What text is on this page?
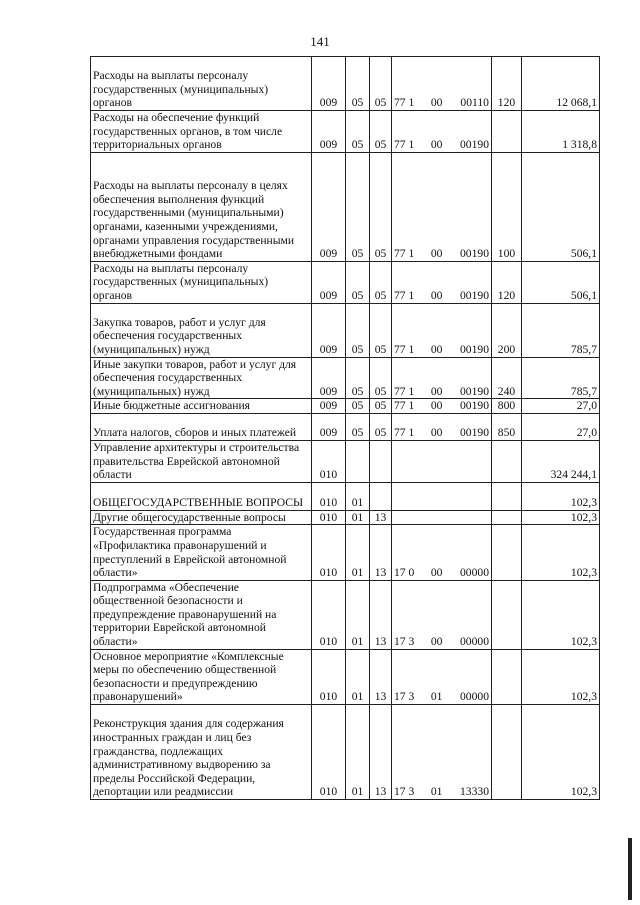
141
Расходы на выплаты персоналу государственных (муниципальных) органов	009	05	05	77 1 00 00110	120	12 068,1
Расходы на обеспечение функций государственных органов, в том числе территориальных органов	009	05	05	77 1 00 00190		1 318,8
Расходы на выплаты персоналу в целях обеспечения выполнения функций государственными (муниципальными) органами, казенными учреждениями, органами управления государственными внебюджетными фондами	009	05	05	77 1 00 00190	100	506,1
Расходы на выплаты персоналу государственных (муниципальных) органов	009	05	05	77 1 00 00190	120	506,1
Закупка товаров, работ и услуг для обеспечения государственных (муниципальных) нужд	009	05	05	77 1 00 00190	200	785,7
Иные закупки товаров, работ и услуг для обеспечения государственных (муниципальных) нужд	009	05	05	77 1 00 00190	240	785,7
Иные бюджетные ассигнования	009	05	05	77 1 00 00190	800	27,0
Уплата налогов, сборов и иных платежей	009	05	05	77 1 00 00190	850	27,0
Управление архитектуры и строительства правительства Еврейской автономной области	010					324 244,1
ОБЩЕГОСУДАРСТВЕННЫЕ ВОПРОСЫ	010	01				102,3
Другие общегосударственные вопросы	010	01	13			102,3
Государственная программа «Профилактика правонарушений и преступлений в Еврейской автономной области»	010	01	13	17 0 00 00000		102,3
Подпрограмма «Обеспечение общественной безопасности и предупреждение правонарушений на территории Еврейской автономной области»	010	01	13	17 3 00 00000		102,3
Основное мероприятие «Комплексные меры по обеспечению общественной безопасности и предупреждению правонарушений»	010	01	13	17 3 01 00000		102,3
Реконструкция здания для содержания иностранных граждан и лиц без гражданства, подлежащих административному выдворению за пределы Российской Федерации, депортации или реадмиссии	010	01	13	17 3 01 13330		102,3
